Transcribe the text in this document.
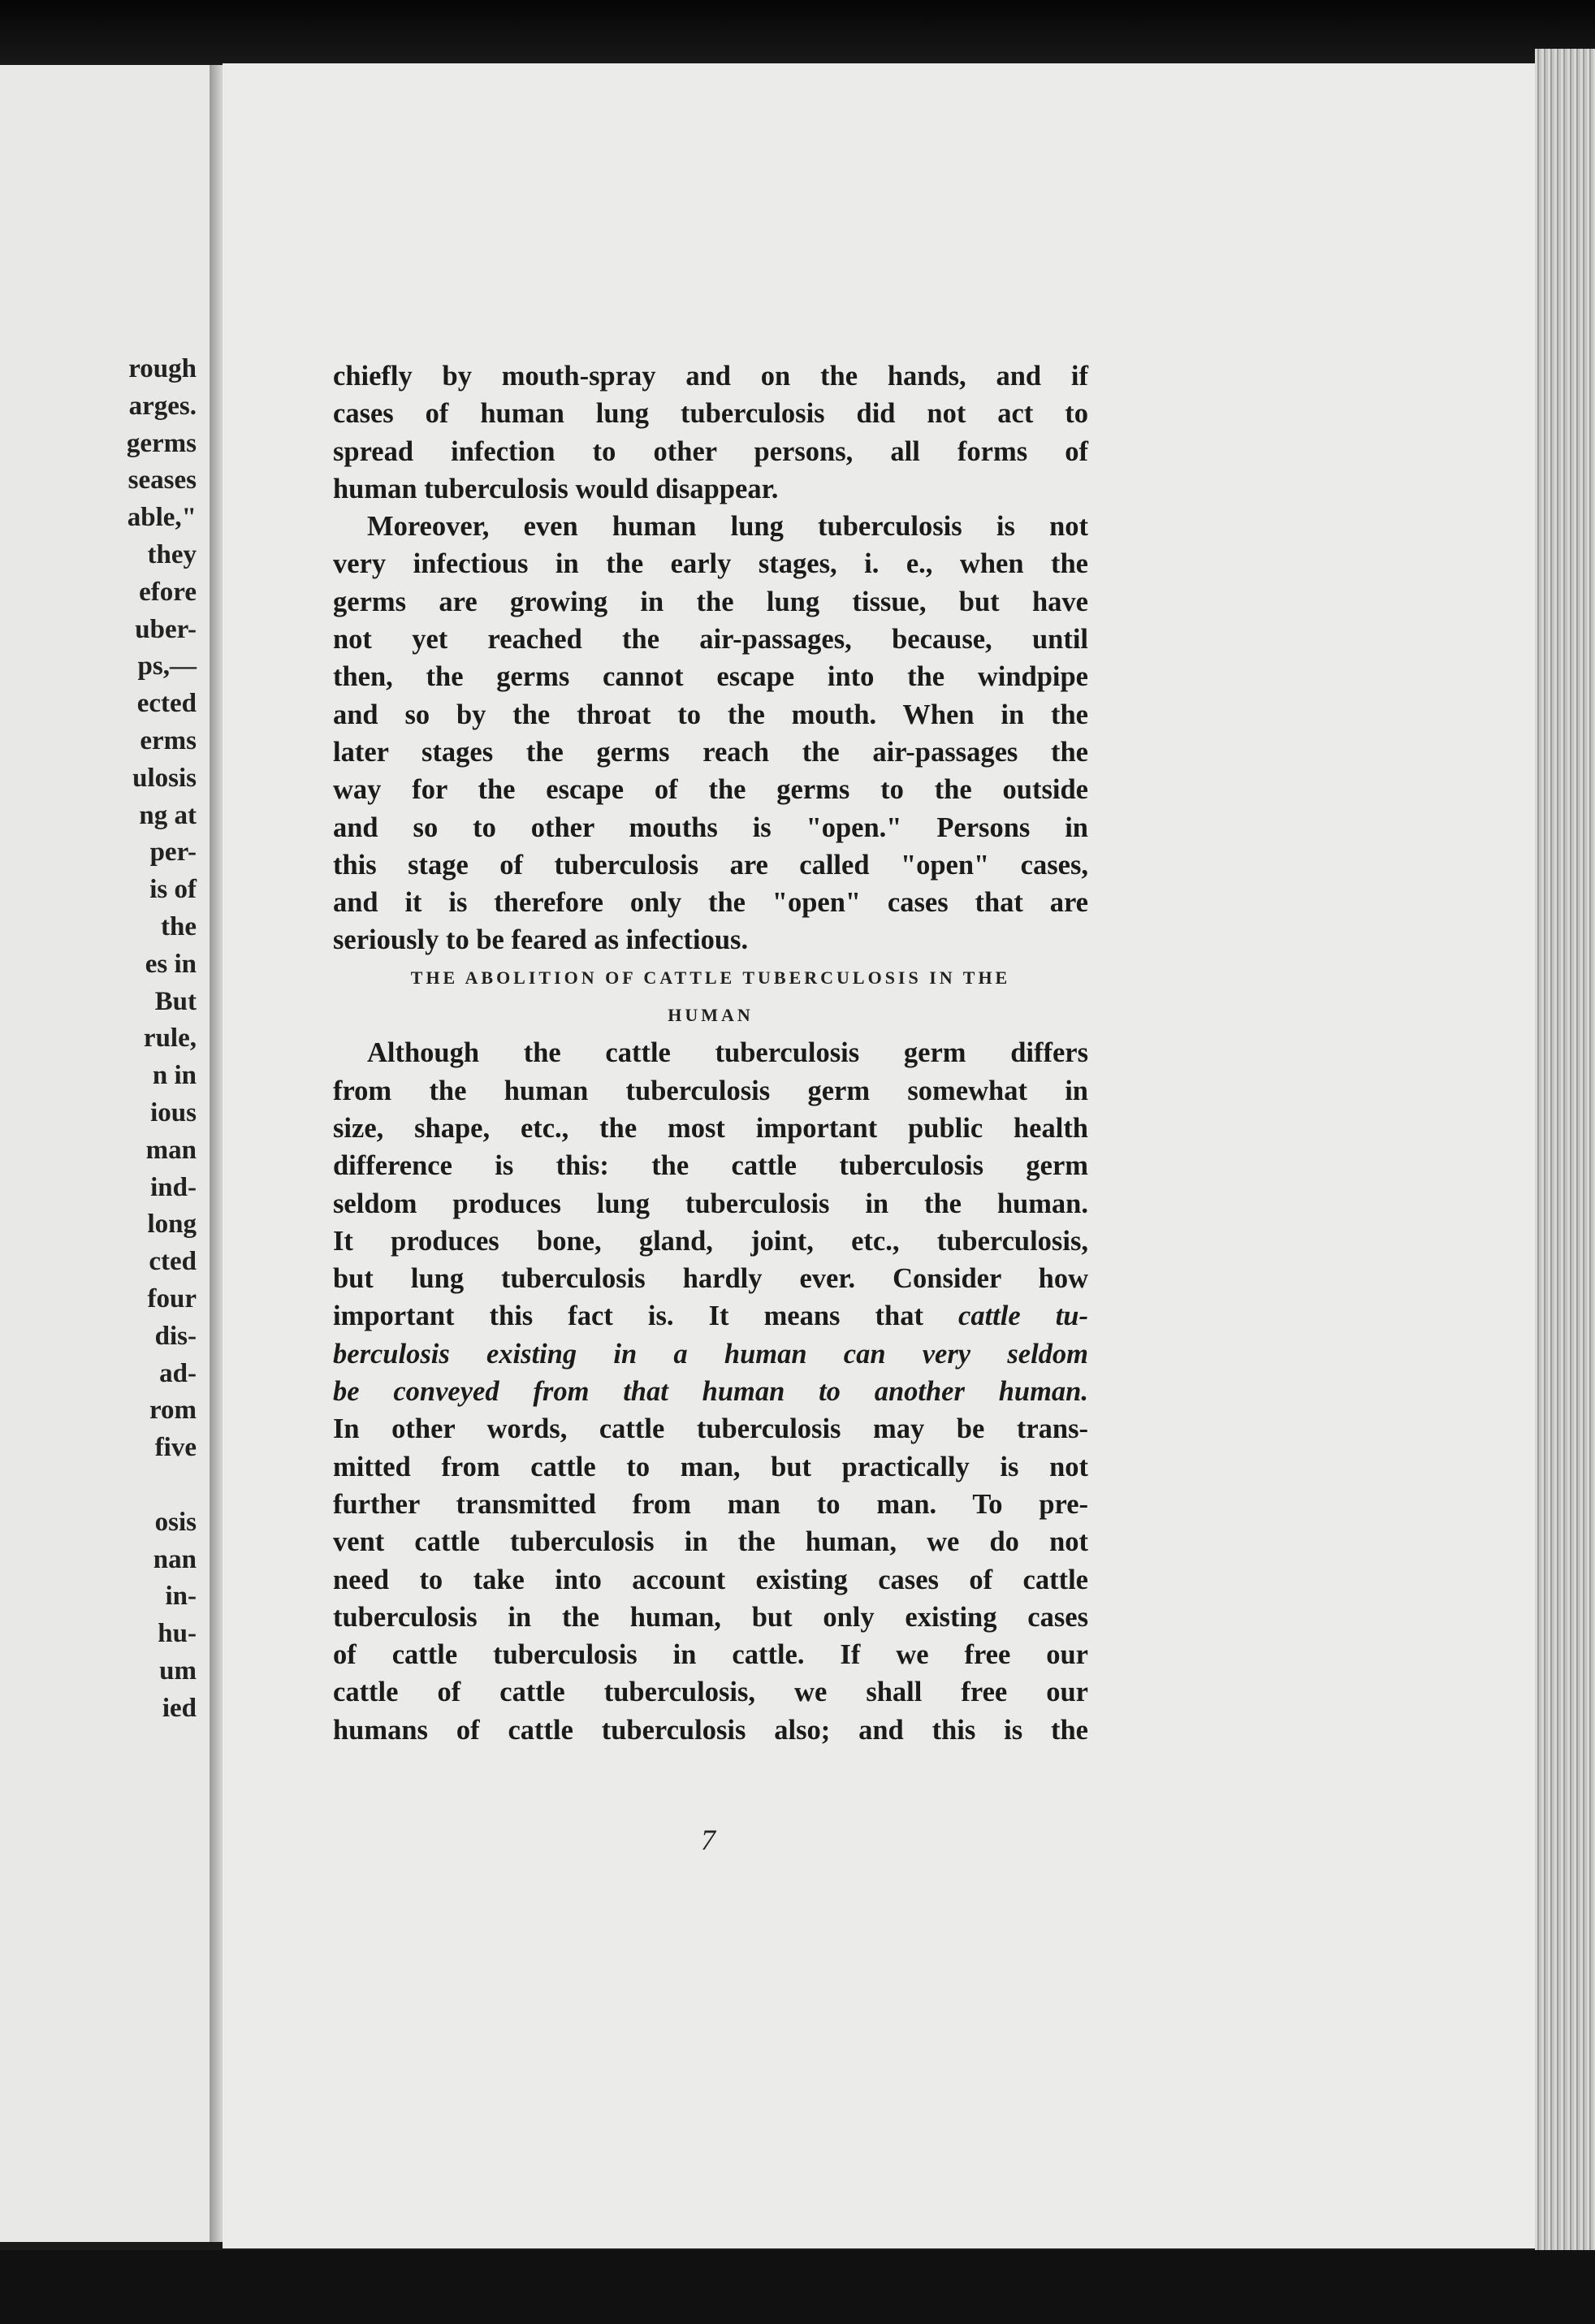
rough
arges.
germs
seases
able,"
they
efore
uber-
ps,—
ected
erms
ulosis
ng at
per-
is of
the
es in
But
rule,
n in
ious
man
ind-
long
cted
four
dis-
ad-
rom
five
osis
nan
in-
hu-
um
ied
chiefly by mouth-spray and on the hands, and if
cases of human lung tuberculosis did not act to
spread infection to other persons, all forms of
human tuberculosis would disappear.
Moreover, even human lung tuberculosis is not
very infectious in the early stages, i. e., when the
germs are growing in the lung tissue, but have
not yet reached the air-passages, because, until
then, the germs cannot escape into the windpipe
and so by the throat to the mouth. When in the
later stages the germs reach the air-passages the
way for the escape of the germs to the outside
and so to other mouths is "open." Persons in
this stage of tuberculosis are called "open" cases,
and it is therefore only the "open" cases that are
seriously to be feared as infectious.
THE ABOLITION OF CATTLE TUBERCULOSIS IN THE
HUMAN
Although the cattle tuberculosis germ differs
from the human tuberculosis germ somewhat in
size, shape, etc., the most important public health
difference is this: the cattle tuberculosis germ
seldom produces lung tuberculosis in the human.
It produces bone, gland, joint, etc., tuberculosis,
but lung tuberculosis hardly ever. Consider how
important this fact is. It means that cattle tu-
berculosis existing in a human can very seldom
be conveyed from that human to another human.
In other words, cattle tuberculosis may be trans-
mitted from cattle to man, but practically is not
further transmitted from man to man. To pre-
vent cattle tuberculosis in the human, we do not
need to take into account existing cases of cattle
tuberculosis in the human, but only existing cases
of cattle tuberculosis in cattle. If we free our
cattle of cattle tuberculosis, we shall free our
humans of cattle tuberculosis also; and this is the
7
